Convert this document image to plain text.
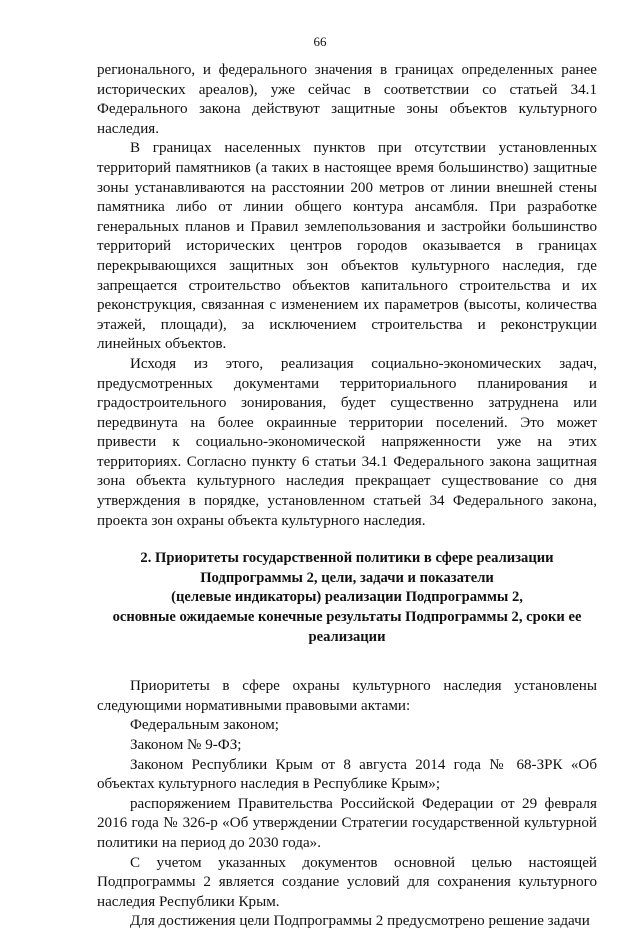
66

регионального, и федерального значения в границах определенных ранее исторических ареалов), уже сейчас в соответствии со статьей 34.1 Федерального закона действуют защитные зоны объектов культурного наследия.

В границах населенных пунктов при отсутствии установленных территорий памятников (а таких в настоящее время большинство) защитные зоны устанавливаются на расстоянии 200 метров от линии внешней стены памятника либо от линии общего контура ансамбля. При разработке генеральных планов и Правил землепользования и застройки большинство территорий исторических центров городов оказывается в границах перекрывающихся защитных зон объектов культурного наследия, где запрещается строительство объектов капитального строительства и их реконструкция, связанная с изменением их параметров (высоты, количества этажей, площади), за исключением строительства и реконструкции линейных объектов.

Исходя из этого, реализация социально-экономических задач, предусмотренных документами территориального планирования и градостроительного зонирования, будет существенно затруднена или передвинута на более окраинные территории поселений. Это может привести к социально-экономической напряженности уже на этих территориях. Согласно пункту 6 статьи 34.1 Федерального закона защитная зона объекта культурного наследия прекращает существование со дня утверждения в порядке, установленном статьей 34 Федерального закона, проекта зон охраны объекта культурного наследия.

2. Приоритеты государственной политики в сфере реализации
Подпрограммы 2, цели, задачи и показатели
(целевые индикаторы) реализации Подпрограммы 2,
основные ожидаемые конечные результаты Подпрограммы 2, сроки ее
реализации

Приоритеты в сфере охраны культурного наследия установлены следующими нормативными правовыми актами:

Федеральным законом;

Законом № 9-ФЗ;

Законом Республики Крым от 8 августа 2014 года № 68-ЗРК «Об объектах культурного наследия в Республике Крым»;

распоряжением Правительства Российской Федерации от 29 февраля 2016 года № 326-р «Об утверждении Стратегии государственной культурной политики на период до 2030 года».

С учетом указанных документов основной целью настоящей Подпрограммы 2 является создание условий для сохранения культурного наследия Республики Крым.

Для достижения цели Подпрограммы 2 предусмотрено решение задачи
